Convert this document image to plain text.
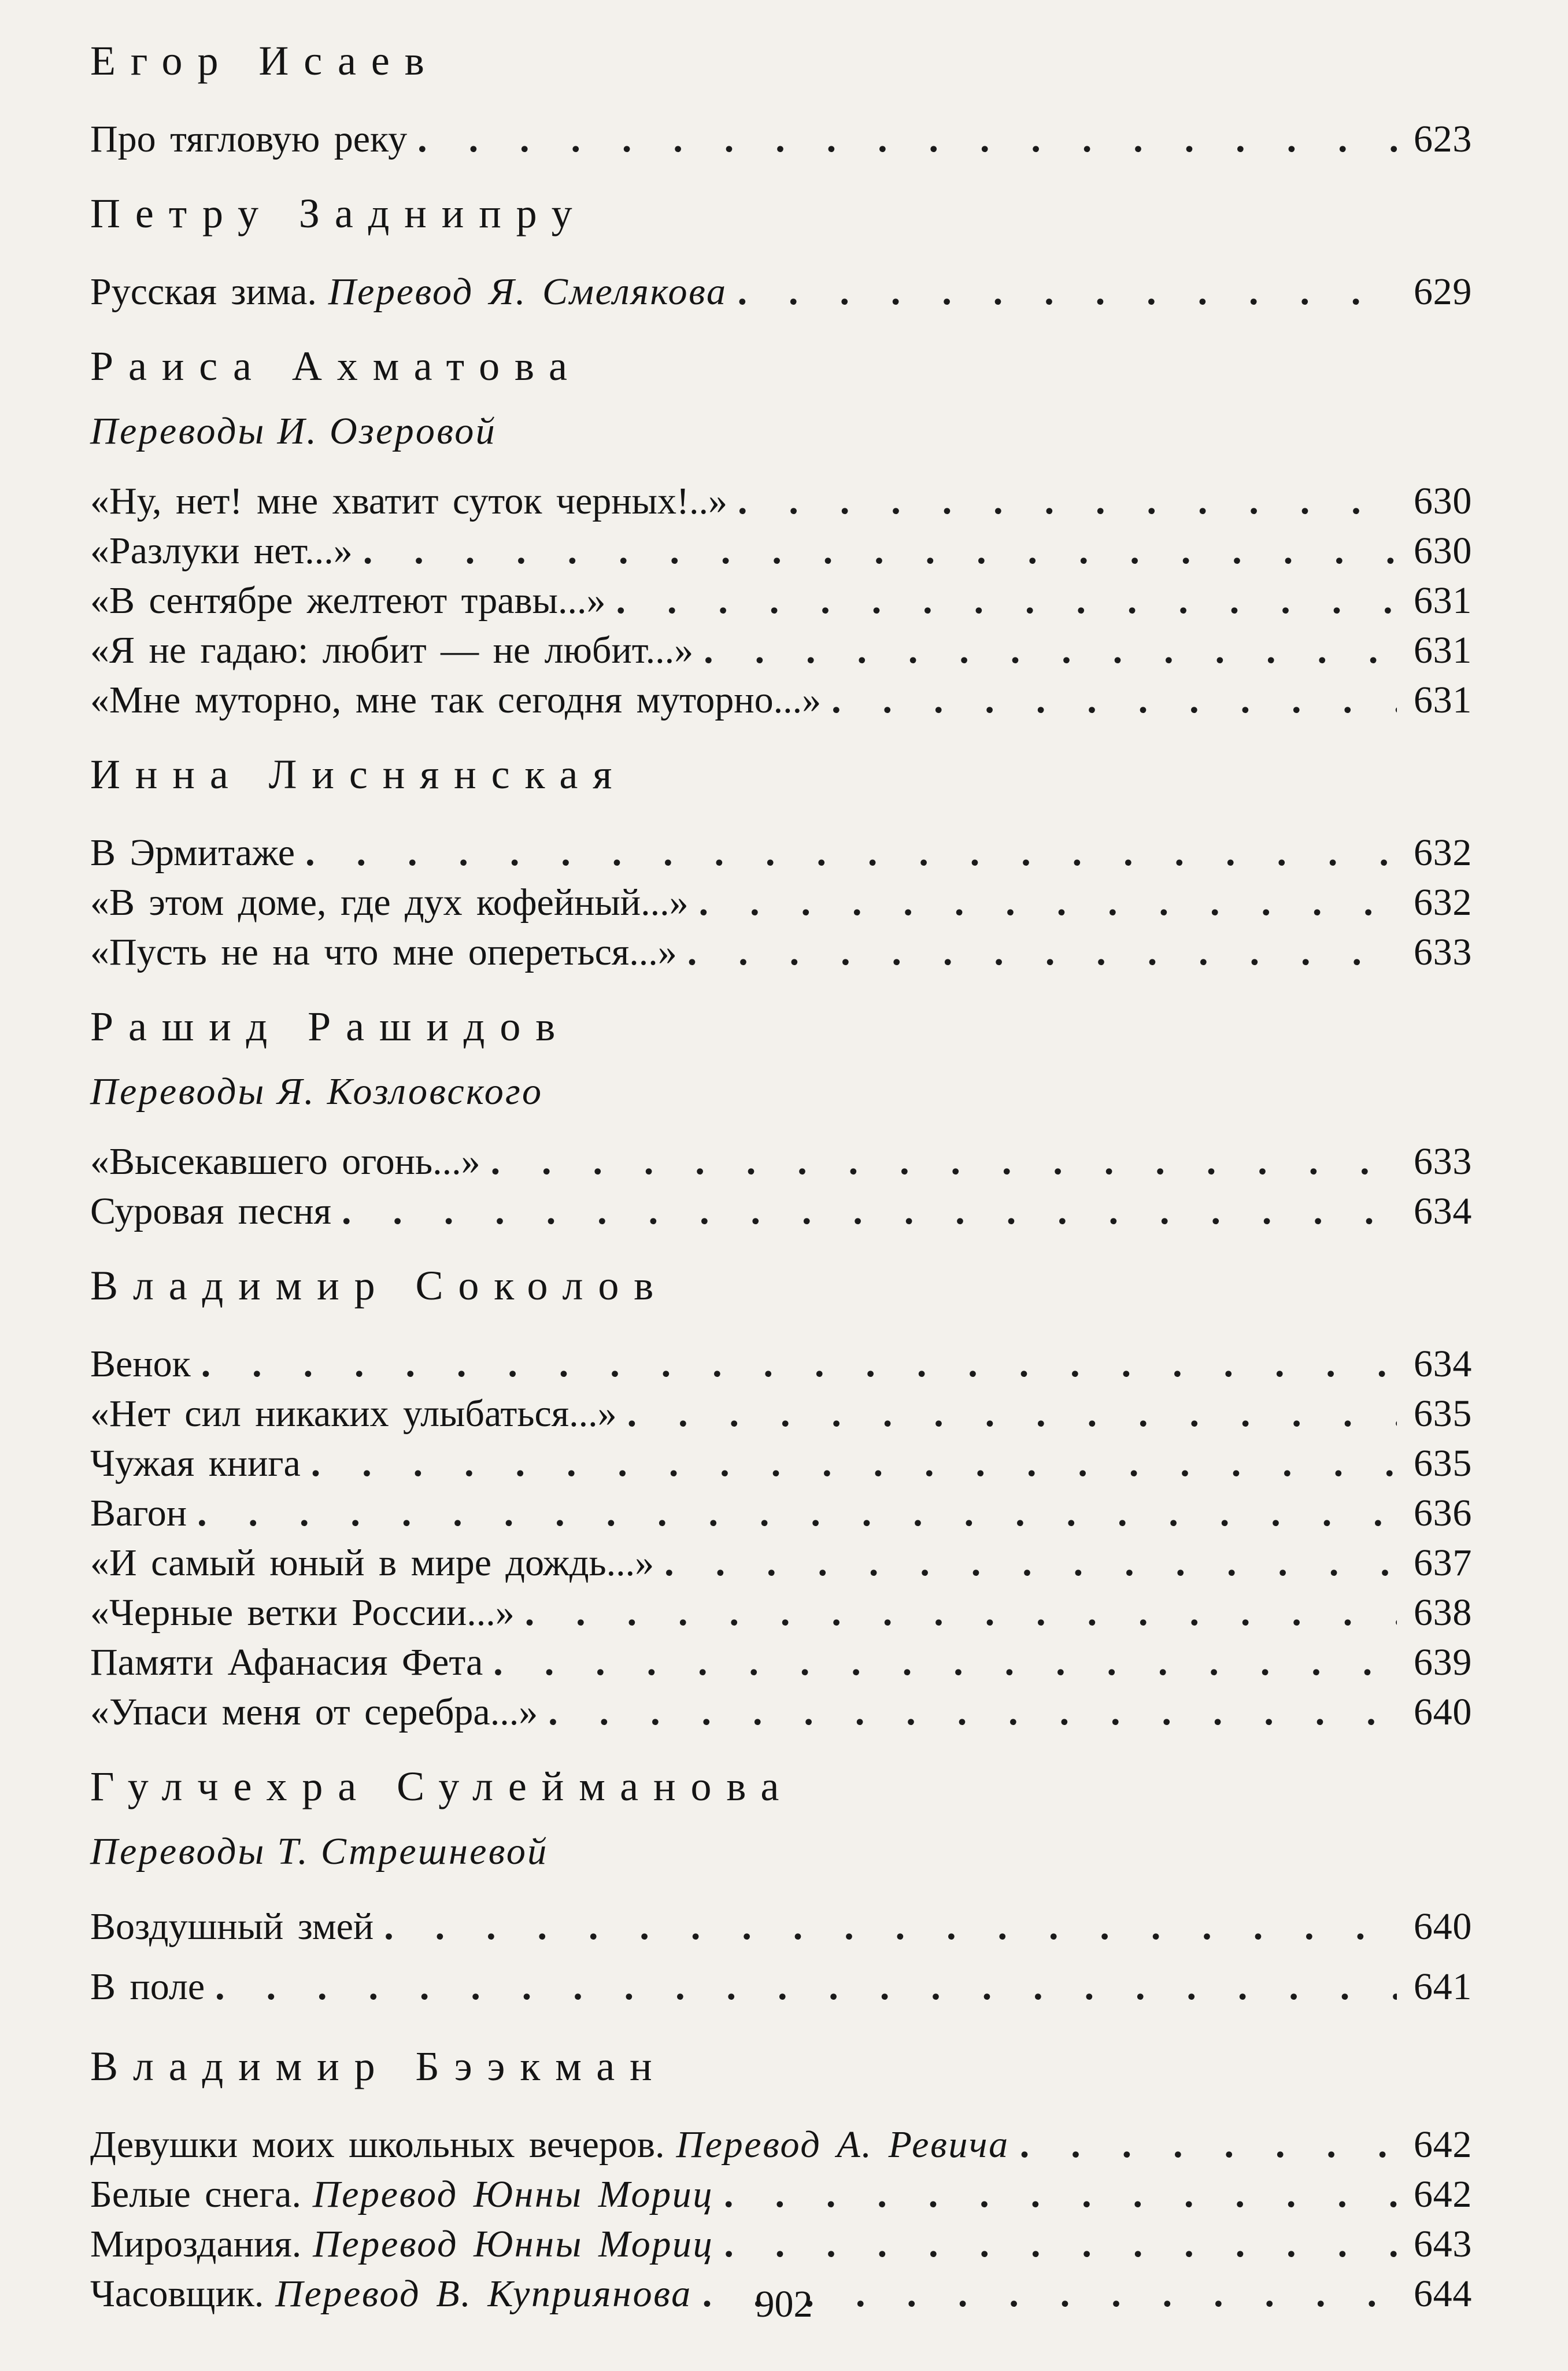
Егор Исаев
Про тягловую реку . . .	623
Петру Заднипру
Русская зима. Перевод Я. Смелякова . . .	629
Раиса Ахматова
Переводы И. Озеровой
«Ну, нет! мне хватит суток черных!..» . . .	630
«Разлуки нет...» . . .	630
«В сентябре желтеют травы...» . . .	631
«Я не гадаю: любит — не любит...» . . .	631
«Мне муторно, мне так сегодня муторно...» . . .	631
Инна Лиснянская
В Эрмитаже . . .	632
«В этом доме, где дух кофейный...» . . .	632
«Пусть не на что мне опереться...» . . .	633
Рашид Рашидов
Переводы Я. Козловского
«Высекавшего огонь...» . . .	633
Суровая песня . . .	634
Владимир Соколов
Венок . . .	634
«Нет сил никаких улыбаться...» . . .	635
Чужая книга . . .	635
Вагон . . .	636
«И самый юный в мире дождь...» . . .	637
«Черные ветки России...» . . .	638
Памяти Афанасия Фета . . .	639
«Упаси меня от серебра...» . . .	640
Гулчехра Сулейманова
Переводы Т. Стрешневой
Воздушный змей . . .	640
В поле . . .	641
Владимир Бээкман
Девушки моих школьных вечеров. Перевод А. Ревича . . .	642
Белые снега. Перевод Юнны Мориц . . .	642
Мироздания. Перевод Юнны Мориц . . .	643
Часовщик. Перевод В. Куприянова . . .	644
902
